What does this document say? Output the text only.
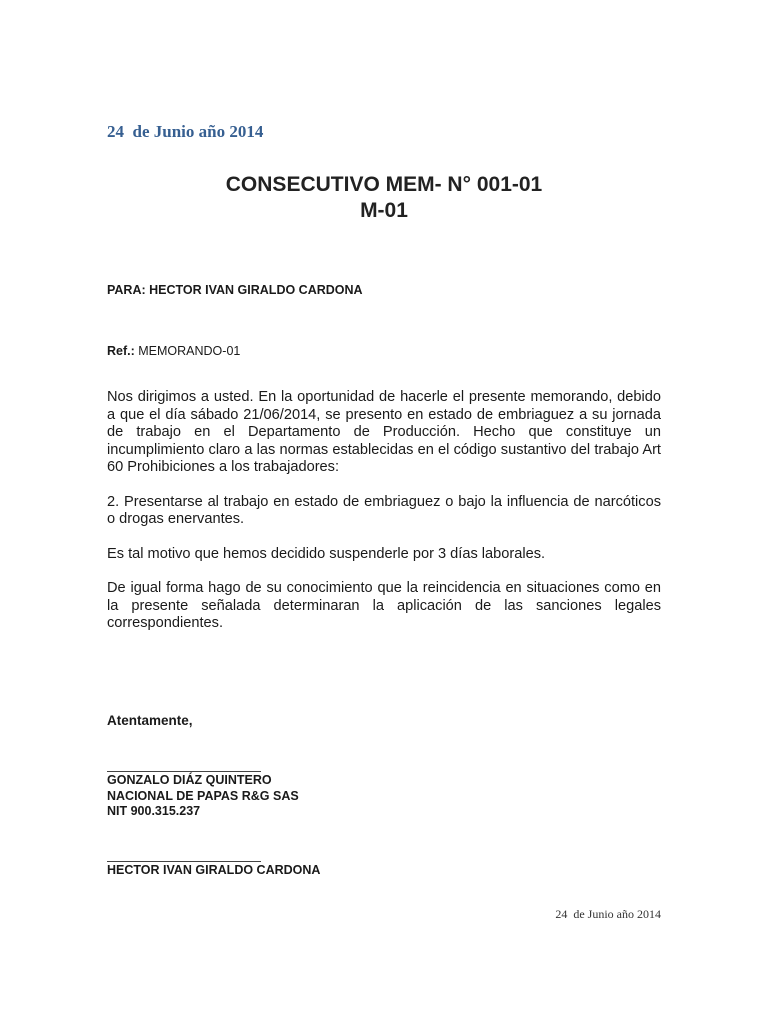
24  de Junio año 2014
CONSECUTIVO MEM- N° 001-01
M-01
PARA: HECTOR IVAN GIRALDO CARDONA
Ref.: MEMORANDO-01

Nos dirigimos a usted. En la oportunidad de hacerle el presente memorando, debido a que el día sábado 21/06/2014, se presento en estado de embriaguez a su jornada de trabajo en el Departamento de Producción. Hecho que constituye un incumplimiento claro a las normas establecidas en el código sustantivo del trabajo Art 60 Prohibiciones a los trabajadores:

2. Presentarse al trabajo en estado de embriaguez o bajo la influencia de narcóticos o drogas enervantes.

Es tal motivo que hemos decidido suspenderle por 3 días laborales.

De igual forma hago de su conocimiento que la reincidencia en situaciones como en la presente señalada determinaran la aplicación de las sanciones legales correspondientes.

Atentamente,
GONZALO DIÁZ QUINTERO
NACIONAL DE PAPAS R&G SAS
NIT 900.315.237
HECTOR IVAN GIRALDO CARDONA
24  de Junio año 2014
